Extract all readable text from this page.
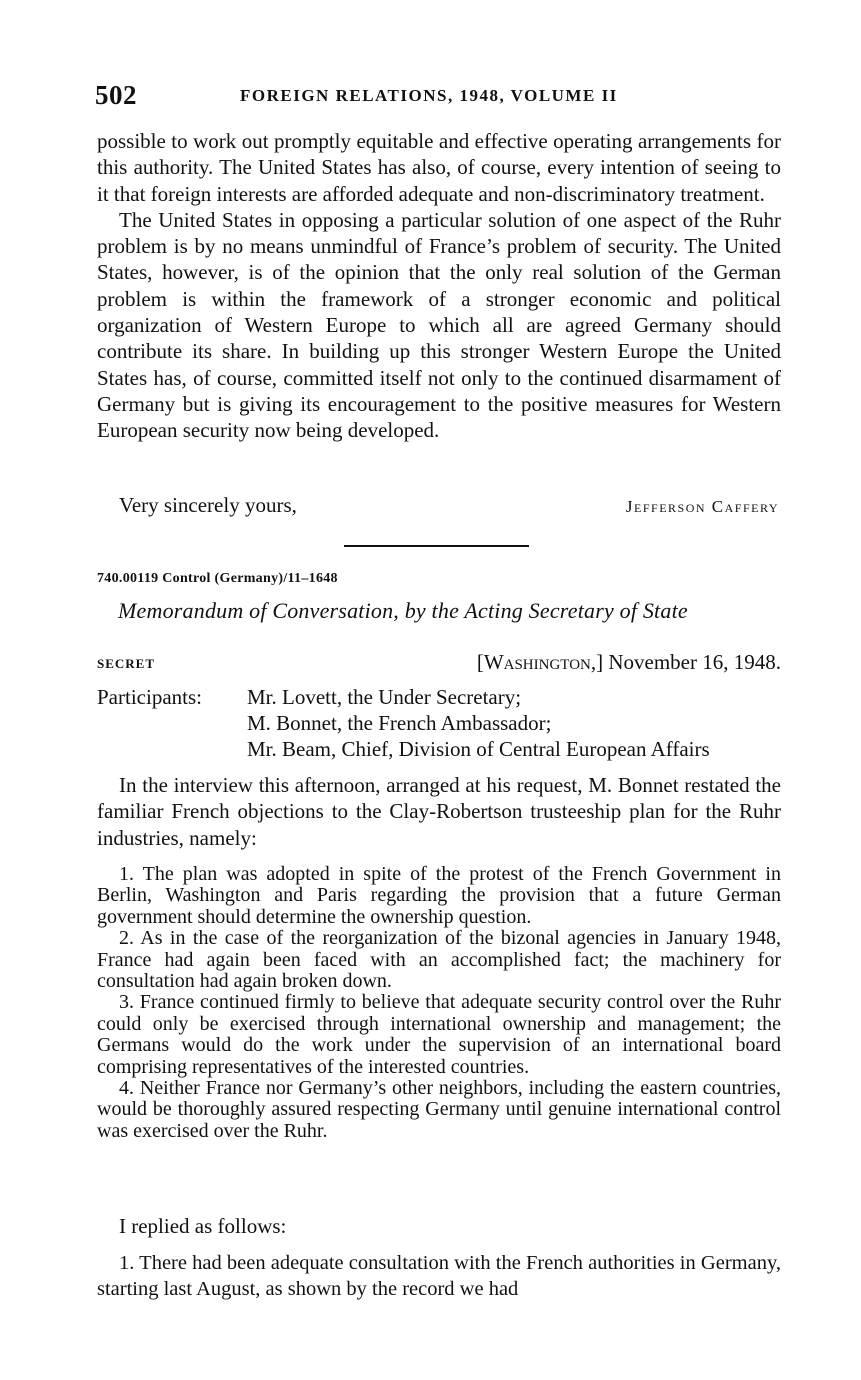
502	FOREIGN RELATIONS, 1948, VOLUME II

possible to work out promptly equitable and effective operating arrangements for this authority. The United States has also, of course, every intention of seeing to it that foreign interests are afforded adequate and non-discriminatory treatment.

The United States in opposing a particular solution of one aspect of the Ruhr problem is by no means unmindful of France’s problem of security. The United States, however, is of the opinion that the only real solution of the German problem is within the framework of a stronger economic and political organization of Western Europe to which all are agreed Germany should contribute its share. In building up this stronger Western Europe the United States has, of course, committed itself not only to the continued disarmament of Germany but is giving its encouragement to the positive measures for Western European security now being developed.

Very sincerely yours,	Jefferson Caffery
740.00119 Control (Germany)/11–1648
Memorandum of Conversation, by the Acting Secretary of State
SECRET	[Washington,] November 16, 1948.
Participants: Mr. Lovett, the Under Secretary;
M. Bonnet, the French Ambassador;
Mr. Beam, Chief, Division of Central European Affairs

In the interview this afternoon, arranged at his request, M. Bonnet restated the familiar French objections to the Clay-Robertson trusteeship plan for the Ruhr industries, namely:

1. The plan was adopted in spite of the protest of the French Government in Berlin, Washington and Paris regarding the provision that a future German government should determine the ownership question.

2. As in the case of the reorganization of the bizonal agencies in January 1948, France had again been faced with an accomplished fact; the machinery for consultation had again broken down.

3. France continued firmly to believe that adequate security control over the Ruhr could only be exercised through international ownership and management; the Germans would do the work under the supervision of an international board comprising representatives of the interested countries.

4. Neither France nor Germany’s other neighbors, including the eastern countries, would be thoroughly assured respecting Germany until genuine international control was exercised over the Ruhr.

I replied as follows:

1. There had been adequate consultation with the French authorities in Germany, starting last August, as shown by the record we had
